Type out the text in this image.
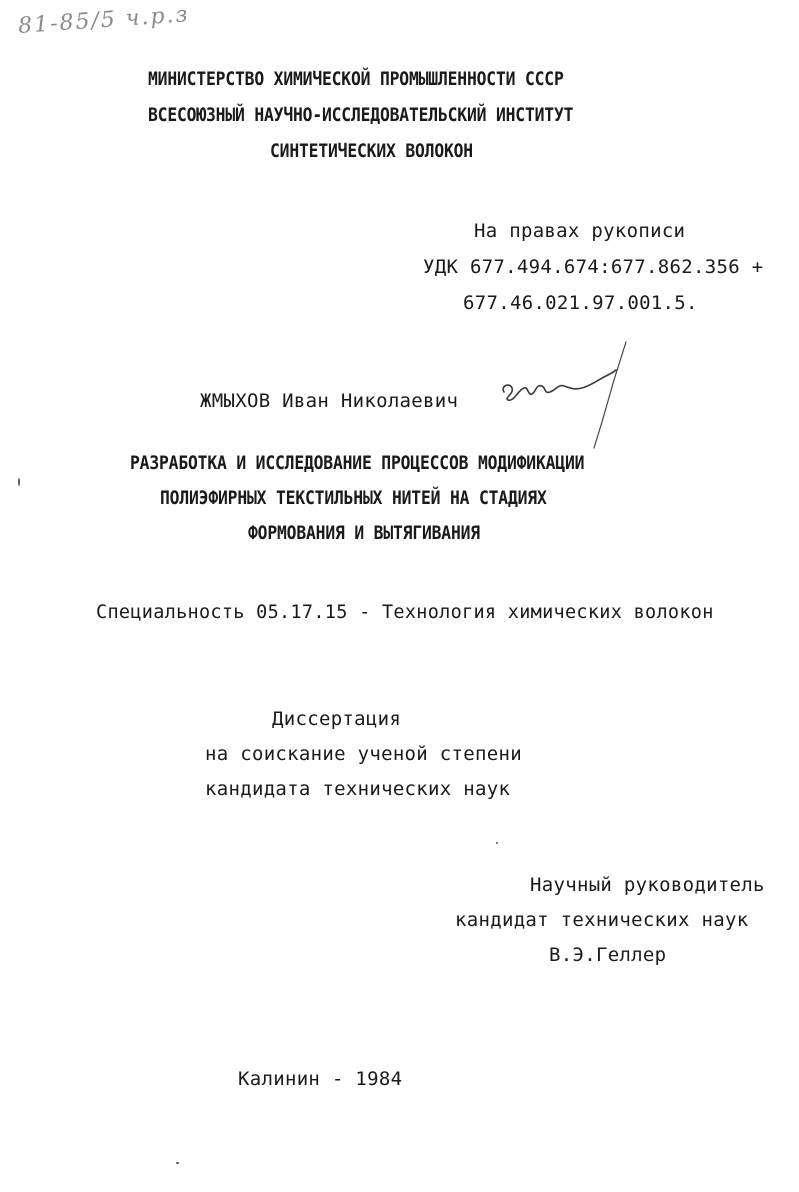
81-85/5 ч.р.з
МИНИСТЕРСТВО ХИМИЧЕСКОЙ ПРОМЫШЛЕННОСТИ СССР
ВСЕСОЮЗНЫЙ НАУЧНО-ИССЛЕДОВАТЕЛЬСКИЙ ИНСТИТУТ
СИНТЕТИЧЕСКИХ ВОЛОКОН
На правах рукописи
УДК 677.494.674:677.862.356 +
677.46.021.97.001.5.
ЖМЫХОВ Иван Николаевич
РАЗРАБОТКА И ИССЛЕДОВАНИЕ ПРОЦЕССОВ МОДИФИКАЦИИ
ПОЛИЭФИРНЫХ ТЕКСТИЛЬНЫХ НИТЕЙ НА СТАДИЯХ
ФОРМОВАНИЯ И ВЫТЯГИВАНИЯ
Специальность 05.17.15 - Технология химических волокон
Диссертация
на соискание ученой степени
кандидата технических наук
Научный руководитель
кандидат технических наук
В.Э.Геллер
Калинин - 1984
